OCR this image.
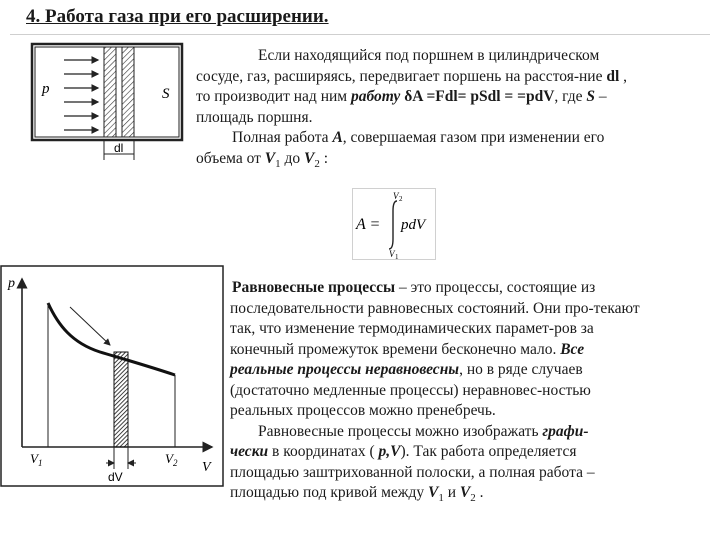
4. Работа газа при его расширении.
p	S
dl

Если находящийся под поршнем в цилиндрическом

сосуде, газ, расширяясь, передвигает поршень на расстоя-ние dl ,

то производит над ним работу δA =Fdl= pSdl = =pdV, где S –

площадь поршня.

Полная работа A, совершаемая газом при изменении его

объема от $V_1$ до $V_2$ :

A =
V 2
V 1
pdV
p
V
$V_1$	$V_2$
dV

Равновесные процессы – это процессы, состоящие из

последовательности равновесных состояний. Они про-текают

так, что изменение термодинамических парамет-ров за

конечный промежуток времени бесконечно мало. Все

реальные процессы неравновесны, но в ряде случаев

(достаточно медленные процессы) неравновес-ностью

реальных процессов можно пренебречь.

Равновесные процессы можно изображать графи-

чески в координатах ( p,V). Так работа определяется

площадью заштрихованной полоски, а полная работа –

площадью под кривой между $V_1$ и $V_2$ .
